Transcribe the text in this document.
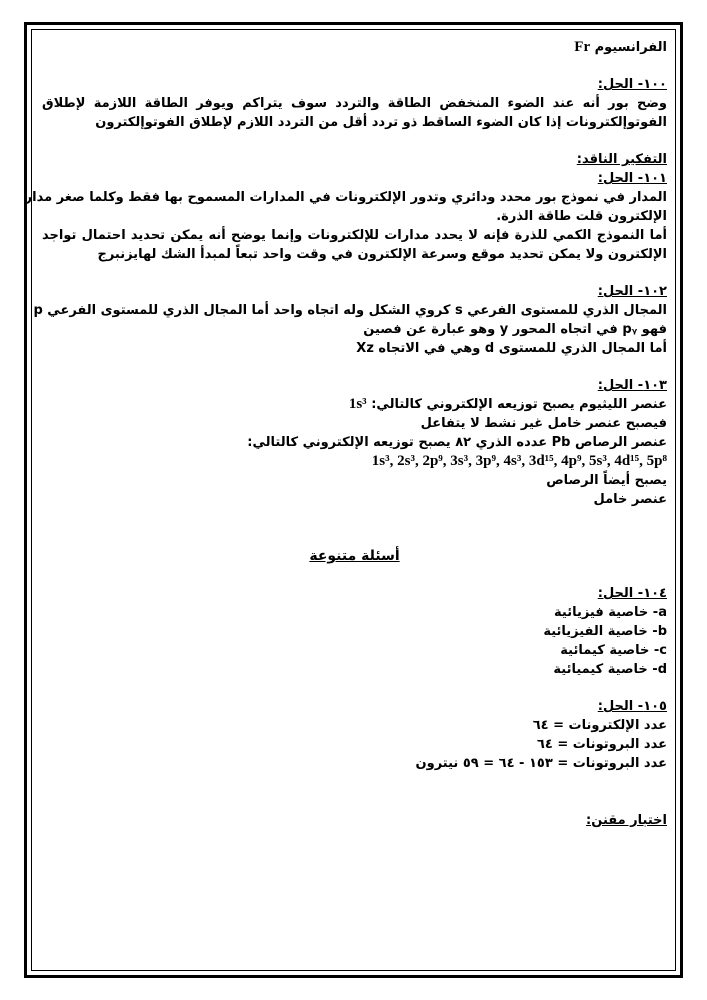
الفرانسيوم Fr
١٠٠- الحل:
وضح بور أنه عند الضوء المنخفض الطاقة والتردد سوف يتراكم ويوفر الطاقة اللازمة لإطلاق
الفوتوإلكترونات إذا كان الضوء الساقط ذو تردد أقل من التردد اللازم لإطلاق الفوتوإلكترون
التفكير الناقد:
١٠١- الحل:
المدار في نموذج بور محدد ودائري وتدور الإلكترونات في المدارات المسموح بها فقط وكلما صغر مدار
الإلكترون قلت طاقة الذرة.
أما النموذج الكمي للذرة فإنه لا يحدد مدارات للإلكترونات وإنما يوضح أنه يمكن تحديد احتمال تواجد
الإلكترون ولا يمكن تحديد موقع وسرعة الإلكترون في وقت واحد تبعاً لمبدأ الشك لهايزنبرج
١٠٢- الحل:
المجال الذري للمستوى الفرعي s كروي الشكل وله اتجاه واحد أما المجال الذري للمستوى الفرعي p
فهو pᵧ في اتجاه المحور y وهو عبارة عن فصين
أما المجال الذري للمستوى d وهي في الاتجاه Xz
١٠٣- الحل:
عنصر الليثيوم يصبح توزيعه الإلكتروني كالتالي: 1s³
فيصبح عنصر خامل غير نشط لا يتفاعل
عنصر الرصاص Pb عدده الذري ٨٢ يصبح توزيعه الإلكتروني كالتالي:
1s³, 2s³, 2p⁹, 3s³, 3p⁹, 4s³, 3d¹⁵, 4p⁹, 5s³, 4d¹⁵, 5p⁸
يصبح أيضاً الرصاص
عنصر خامل
أسئلة متنوعة
١٠٤- الحل:
a- خاصية فيزيائية
b- خاصية الفيزيائية
c- خاصية كيمائية
d- خاصية كيميائية
١٠٥- الحل:
عدد الإلكترونات = ٦٤
عدد البروتونات = ٦٤
عدد البروتونات = ١٥٣ - ٦٤ = ٥٩ نيترون
اختبار مقنن:
